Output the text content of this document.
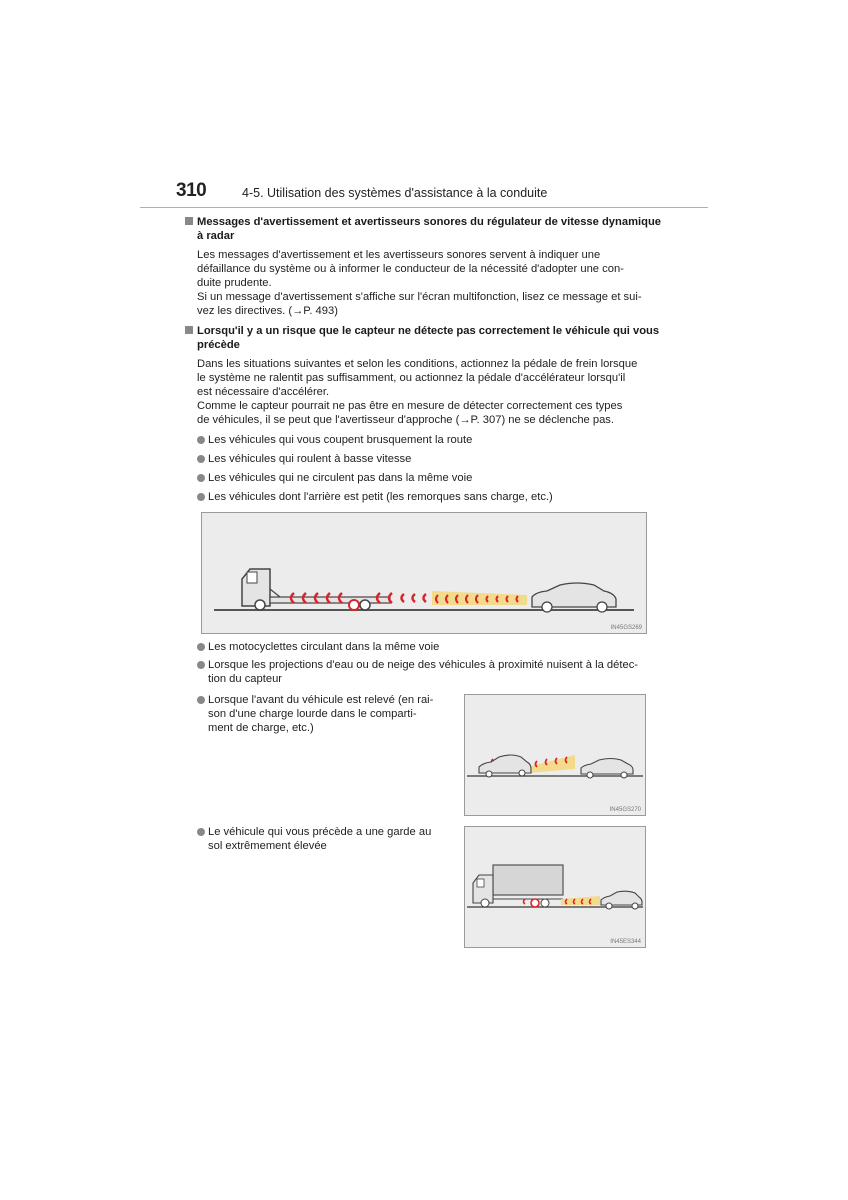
310	4-5. Utilisation des systèmes d'assistance à la conduite
Messages d'avertissement et avertisseurs sonores du régulateur de vitesse dynamique
à radar
Les messages d'avertissement et les avertisseurs sonores servent à indiquer une
défaillance du système ou à informer le conducteur de la nécessité d'adopter une con-
duite prudente.
Si un message d'avertissement s'affiche sur l'écran multifonction, lisez ce message et sui-
vez les directives. (→P. 493)
Lorsqu'il y a un risque que le capteur ne détecte pas correctement le véhicule qui vous
précède
Dans les situations suivantes et selon les conditions, actionnez la pédale de frein lorsque
le système ne ralentit pas suffisamment, ou actionnez la pédale d'accélérateur lorsqu'il
est nécessaire d'accélérer.
Comme le capteur pourrait ne pas être en mesure de détecter correctement ces types
de véhicules, il se peut que l'avertisseur d'approche (→P. 307) ne se déclenche pas.
Les véhicules qui vous coupent brusquement la route
Les véhicules qui roulent à basse vitesse
Les véhicules qui ne circulent pas dans la même voie
Les véhicules dont l'arrière est petit (les remorques sans charge, etc.)
IN45GS269
Les motocyclettes circulant dans la même voie
Lorsque les projections d'eau ou de neige des véhicules à proximité nuisent à la détec-
tion du capteur
Lorsque l'avant du véhicule est relevé (en rai-
son d'une charge lourde dans le comparti-
ment de charge, etc.)
IN45GS270
Le véhicule qui vous précède a une garde au
sol extrêmement élevée
IN45ES344
